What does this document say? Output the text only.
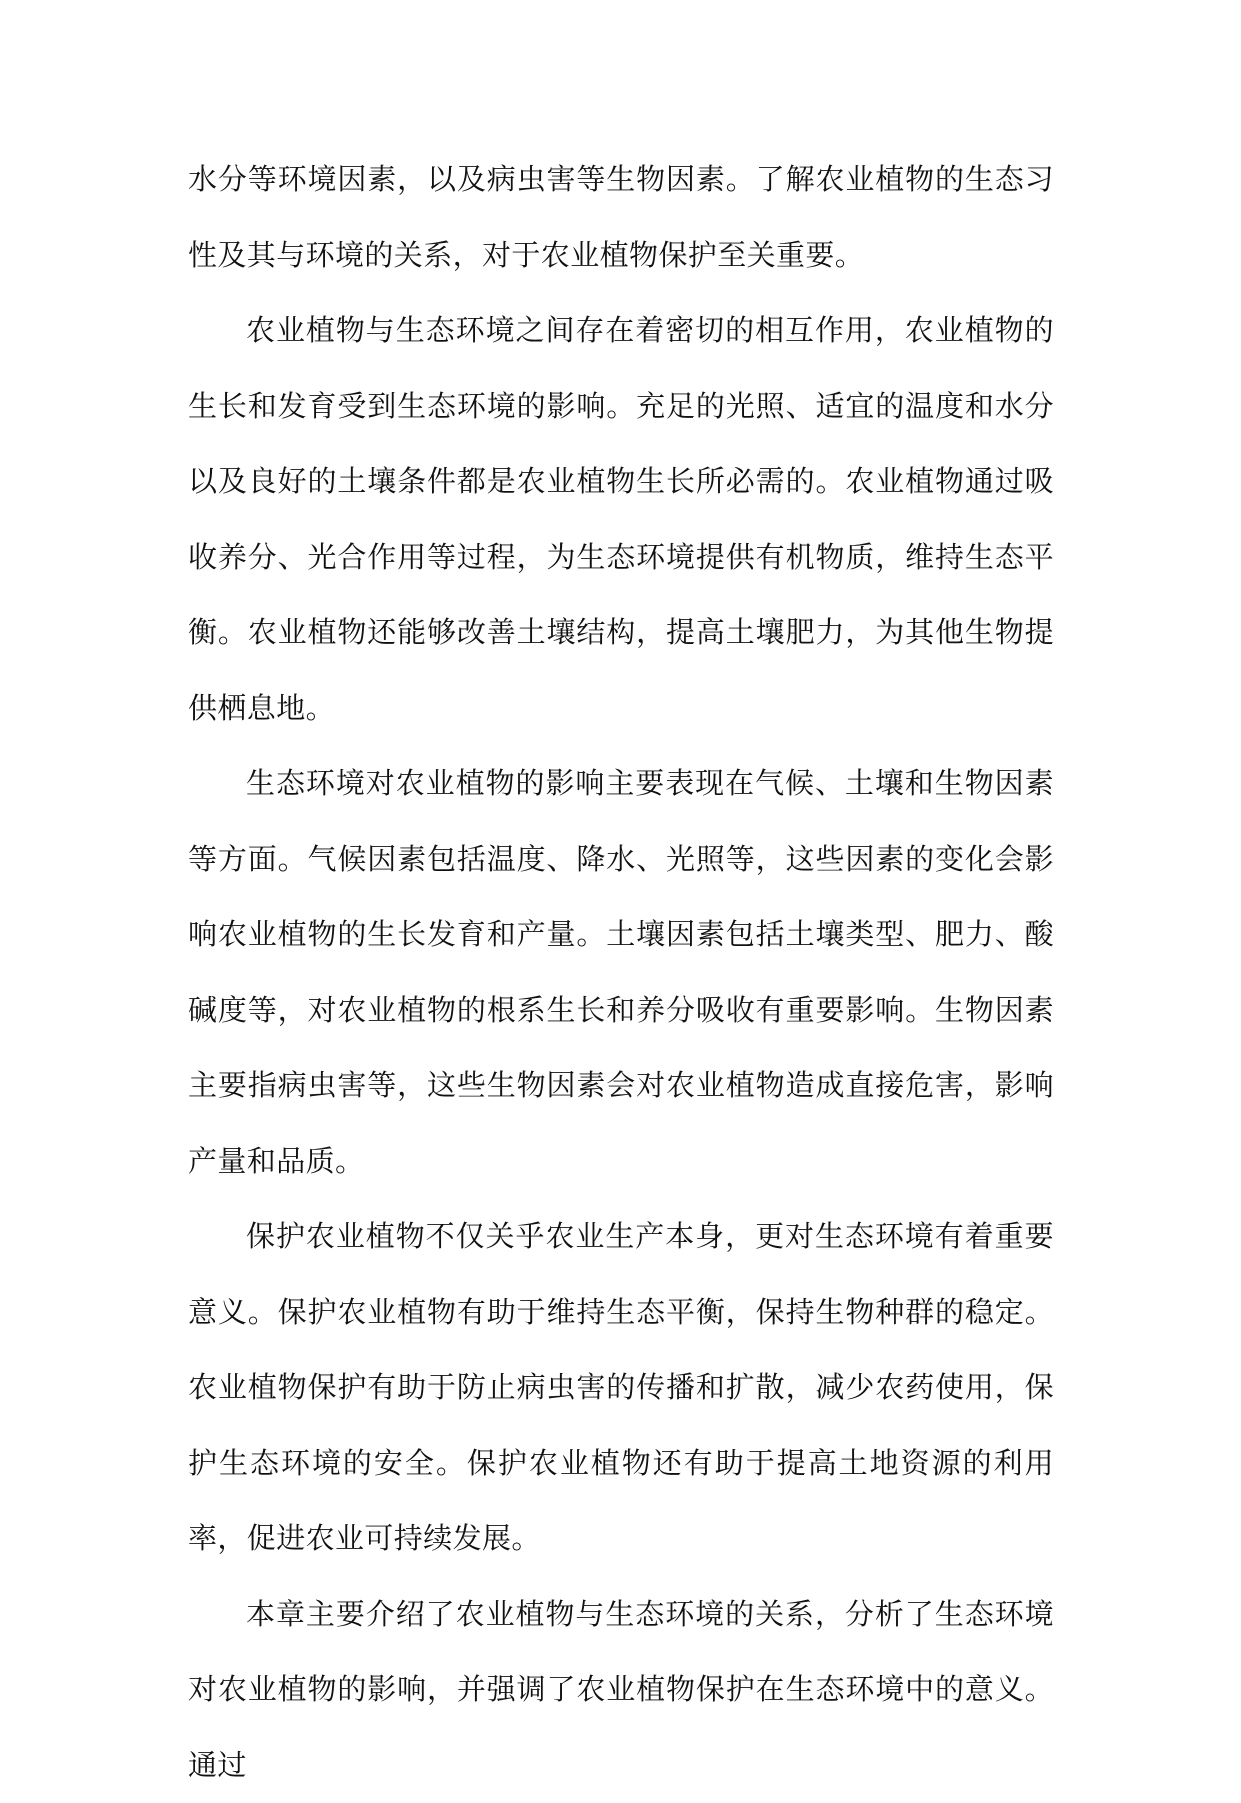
水分等环境因素，以及病虫害等生物因素。了解农业植物的生态习性及其与环境的关系，对于农业植物保护至关重要。

农业植物与生态环境之间存在着密切的相互作用，农业植物的生长和发育受到生态环境的影响。充足的光照、适宜的温度和水分以及良好的土壤条件都是农业植物生长所必需的。农业植物通过吸收养分、光合作用等过程，为生态环境提供有机物质，维持生态平衡。农业植物还能够改善土壤结构，提高土壤肥力，为其他生物提供栖息地。

生态环境对农业植物的影响主要表现在气候、土壤和生物因素等方面。气候因素包括温度、降水、光照等，这些因素的变化会影响农业植物的生长发育和产量。土壤因素包括土壤类型、肥力、酸碱度等，对农业植物的根系生长和养分吸收有重要影响。生物因素主要指病虫害等，这些生物因素会对农业植物造成直接危害，影响产量和品质。

保护农业植物不仅关乎农业生产本身，更对生态环境有着重要意义。保护农业植物有助于维持生态平衡，保持生物种群的稳定。农业植物保护有助于防止病虫害的传播和扩散，减少农药使用，保护生态环境的安全。保护农业植物还有助于提高土地资源的利用率，促进农业可持续发展。

本章主要介绍了农业植物与生态环境的关系，分析了生态环境对农业植物的影响，并强调了农业植物保护在生态环境中的意义。通过
